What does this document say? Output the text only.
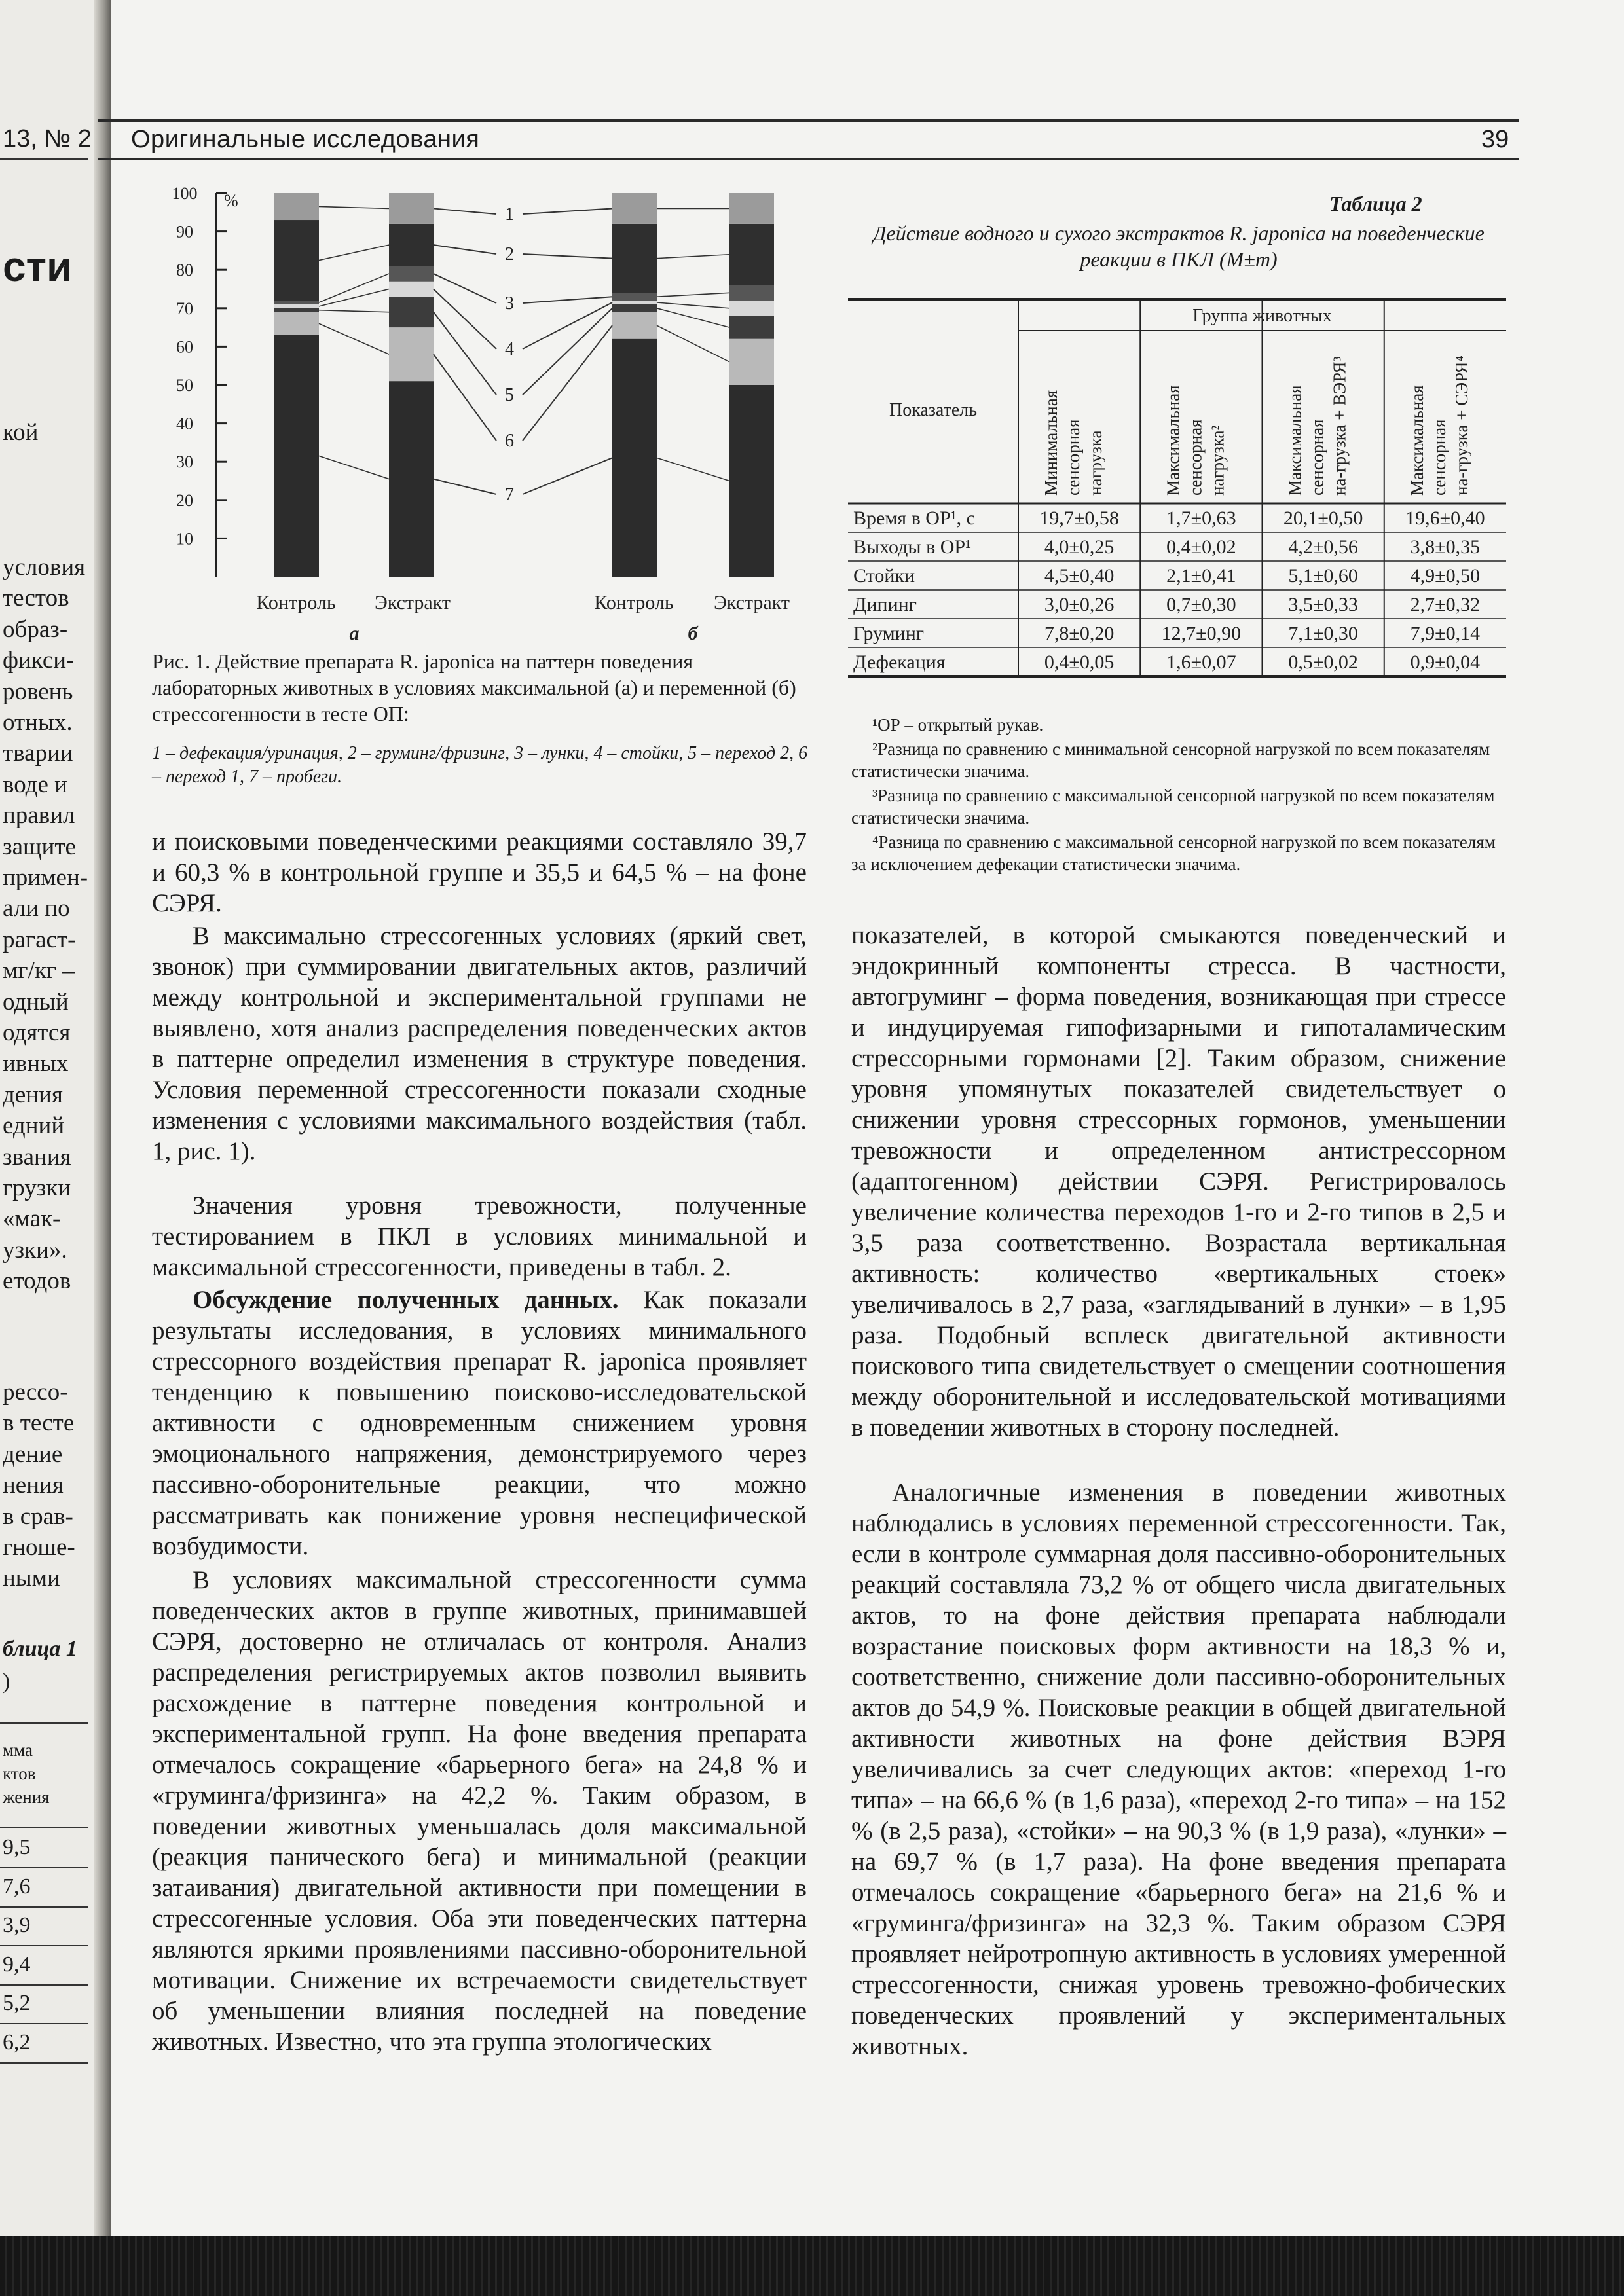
13, № 2
сти
кой
условия
тестов
образ-
фикси-
ровень
отных.
тварии
воде и
правил
защите
примен-
али по
рагаст-
мг/кг –
одный
одятся
ивных
дения
едний
звания
грузки
«мак-
узки».
етодов
рессо-
в тесте
дение
нения
в срав-
гноше-
ными
блица 1
)
мма
ктов
жения
9,5
7,6
3,9
9,4
5,2
6,2
Оригинальные исследования	39
100
90
80
70
60
50
40
30
20
10
%
1
2
3
4
5
6
7
Контроль Экстракт	Контроль Экстракт
а	б
Рис. 1. Действие препарата R. japonica на паттерн поведения лабораторных животных в условиях максимальной (а) и переменной (б) стрессогенности в тесте ОП:
1 – дефекация/уринация, 2 – груминг/фризинг, 3 – лунки, 4 – стойки, 5 – переход 2, 6 – переход 1, 7 – пробеги.
Таблица 2
Действие водного и сухого экстрактов R. japonica на поведенческие реакции в ПКЛ (M±m)
Группа животных
Показатель	Минимальная сенсорная нагрузка	Максимальная сенсорная нагрузка²	Максимальная сенсорная на-грузка + ВЭРЯ³	Максимальная сенсорная на-грузка + СЭРЯ⁴
Время в ОР¹, с	19,7±0,58 1,7±0,63 20,1±0,50 19,6±0,40
Выходы в ОР¹	4,0±0,25	0,4±0,02	4,2±0,56	3,8±0,35
Стойки	4,5±0,40	2,1±0,41	5,1±0,60	4,9±0,50
Дипинг	3,0±0,26	0,7±0,30	3,5±0,33	2,7±0,32
Груминг	7,8±0,20 12,7±0,90 7,1±0,30	7,9±0,14
Дефекация	0,4±0,05	1,6±0,07	0,5±0,02	0,9±0,04

¹ОР – открытый рукав.

²Разница по сравнению с минимальной сенсорной нагрузкой по всем показателям статистически значима.

³Разница по сравнению с максимальной сенсорной нагрузкой по всем показателям статистически значима.

⁴Разница по сравнению с максимальной сенсорной нагрузкой по всем показателям за исключением дефекации статистически значима.

и поисковыми поведенческими реакциями составляло 39,7 и 60,3 % в контрольной группе и 35,5 и 64,5 % – на фоне СЭРЯ.

В максимально стрессогенных условиях (яркий свет, звонок) при суммировании двигательных актов, различий между контрольной и экспериментальной группами не выявлено, хотя анализ распределения поведенческих актов в паттерне определил изменения в структуре поведения. Условия переменной стрессогенности показали сходные изменения с условиями максимального воздействия (табл. 1, рис. 1).

Значения уровня тревожности, полученные тестированием в ПКЛ в условиях минимальной и максимальной стрессогенности, приведены в табл. 2.

Обсуждение полученных данных. Как показали результаты исследования, в условиях минимального стрессорного воздействия препарат R. japonica проявляет тенденцию к повышению поисково-исследовательской активности с одновременным снижением уровня эмоционального напряжения, демонстрируемого через пассивно-оборонительные реакции, что можно рассматривать как понижение уровня неспецифической возбудимости.

В условиях максимальной стрессогенности сумма поведенческих актов в группе животных, принимавшей СЭРЯ, достоверно не отличалась от контроля. Анализ распределения регистрируемых актов позволил выявить расхождение в паттерне поведения контрольной и экспериментальной групп. На фоне введения препарата отмечалось сокращение «барьерного бега» на 24,8 % и «груминга/фризинга» на 42,2 %. Таким образом, в поведении животных уменьшалась доля максимальной (реакция панического бега) и минимальной (реакции затаивания) двигательной активности при помещении в стрессогенные условия. Оба эти поведенческих паттерна являются яркими проявлениями пассивно-оборонительной мотивации. Снижение их встречаемости свидетельствует об уменьшении влияния последней на поведение животных. Известно, что эта группа этологических

показателей, в которой смыкаются поведенческий и эндокринный компоненты стресса. В частности, автогруминг – форма поведения, возникающая при стрессе и индуцируемая гипофизарными и гипоталамическим стрессорными гормонами [2]. Таким образом, снижение уровня упомянутых показателей свидетельствует о снижении уровня стрессорных гормонов, уменьшении тревожности и определенном антистрессорном (адаптогенном) действии СЭРЯ. Регистрировалось увеличение количества переходов 1-го и 2-го типов в 2,5 и 3,5 раза соответственно. Возрастала вертикальная активность: количество «вертикальных стоек» увеличивалось в 2,7 раза, «заглядываний в лунки» – в 1,95 раза. Подобный всплеск двигательной активности поискового типа свидетельствует о смещении соотношения между оборонительной и исследовательской мотивациями в поведении животных в сторону последней.

Аналогичные изменения в поведении животных наблюдались в условиях переменной стрессогенности. Так, если в контроле суммарная доля пассивно-оборонительных реакций составляла 73,2 % от общего числа двигательных актов, то на фоне действия препарата наблюдали возрастание поисковых форм активности на 18,3 % и, соответственно, снижение доли пассивно-оборонительных актов до 54,9 %. Поисковые реакции в общей двигательной активности животных на фоне действия ВЭРЯ увеличивались за счет следующих актов: «переход 1-го типа» – на 66,6 % (в 1,6 раза), «переход 2-го типа» – на 152 % (в 2,5 раза), «стойки» – на 90,3 % (в 1,9 раза), «лунки» – на 69,7 % (в 1,7 раза). На фоне введения препарата отмечалось сокращение «барьерного бега» на 21,6 % и «груминга/фризинга» на 32,3 %. Таким образом СЭРЯ проявляет нейротропную активность в условиях умеренной стрессогенности, снижая уровень тревожно-фобических поведенческих проявлений у экспериментальных животных.
